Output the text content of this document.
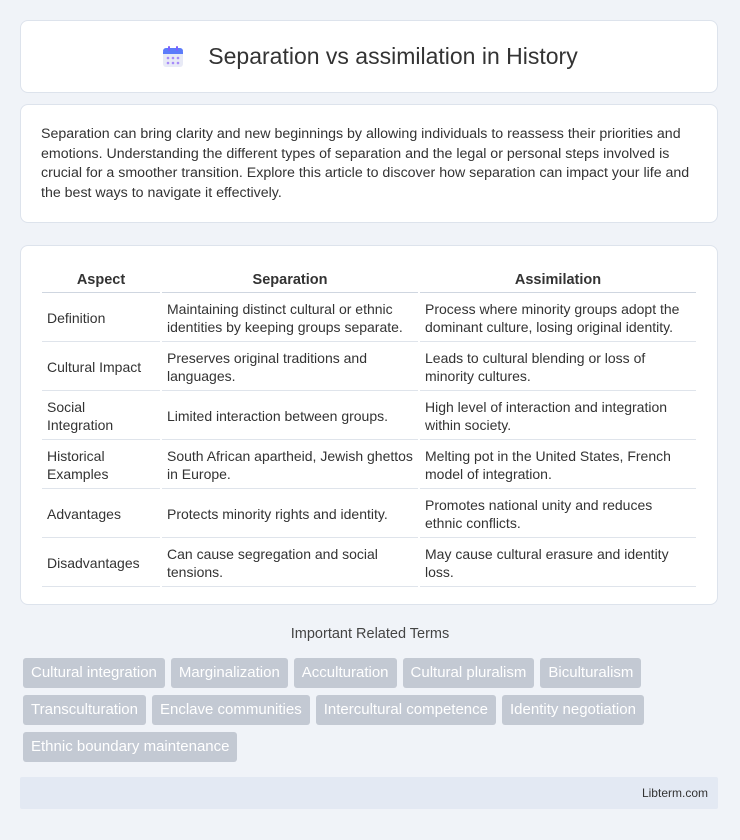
Separation vs assimilation in History

Separation can bring clarity and new beginnings by allowing individuals to reassess their priorities and emotions. Understanding the different types of separation and the legal or personal steps involved is crucial for a smoother transition. Explore this article to discover how separation can impact your life and the best ways to navigate it effectively.

Aspect	Separation	Assimilation
Definition	Maintaining distinct cultural or ethnic identities by keeping groups separate.	Process where minority groups adopt the dominant culture, losing original identity.
Cultural Impact	Preserves original traditions and languages.	Leads to cultural blending or loss of minority cultures.
Social Integration	Limited interaction between groups.	High level of interaction and integration within society.
Historical Examples	South African apartheid, Jewish ghettos in Europe.	Melting pot in the United States, French model of integration.
Advantages	Protects minority rights and identity.	Promotes national unity and reduces ethnic conflicts.
Disadvantages	Can cause segregation and social tensions.	May cause cultural erasure and identity loss.
Important Related Terms
Cultural integration	Marginalization	Acculturation	Cultural pluralism	Biculturalism
Transculturation	Enclave communities	Intercultural competence	Identity negotiation
Ethnic boundary maintenance
Libterm.com
